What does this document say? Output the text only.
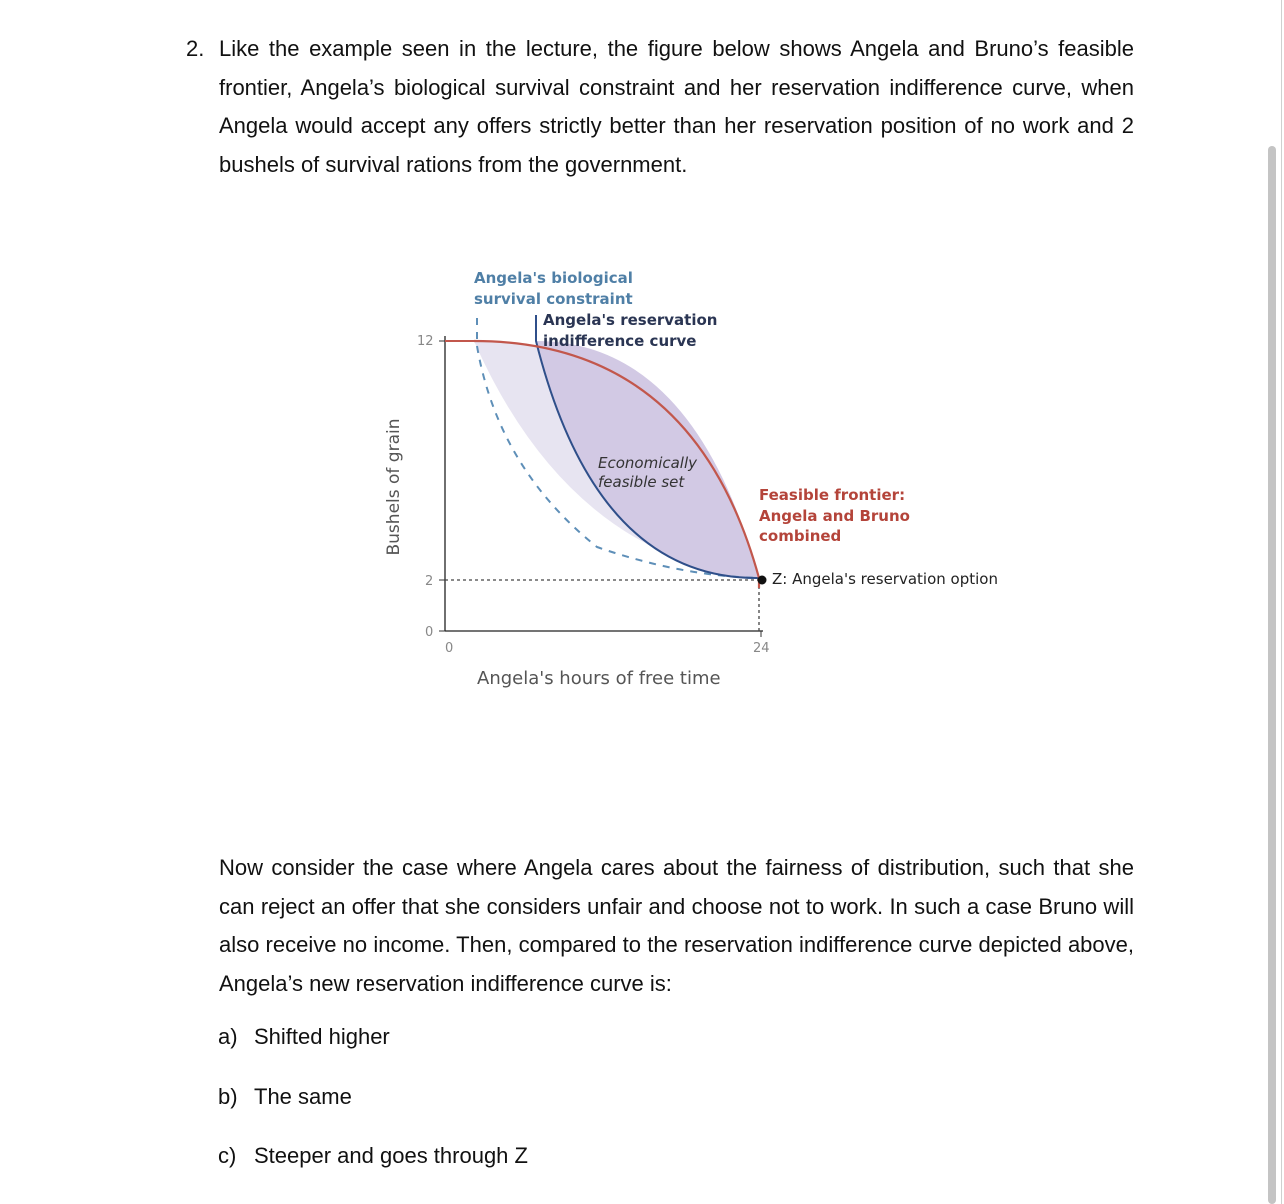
2. Like the example seen in the lecture, the figure below shows Angela and Bruno’s feasible frontier, Angela’s biological survival constraint and her reservation indifference curve, when Angela would accept any offers strictly better than her reservation position of no work and 2 bushels of survival rations from the government.

12
2
0
0	24
Bushels of grain
Angela's hours of free time
Angela's biological
survival constraint
Angela's reservation
indifference curve
Economically
feasible set
Feasible frontier:
Angela and Bruno
combined
Z: Angela's reservation option

Now consider the case where Angela cares about the fairness of distribution, such that she can reject an offer that she considers unfair and choose not to work. In such a case Bruno will also receive no income. Then, compared to the reservation indifference curve depicted above, Angela’s new reservation indifference curve is:

a) Shifted higher
b) The same
c) Steeper and goes through Z
